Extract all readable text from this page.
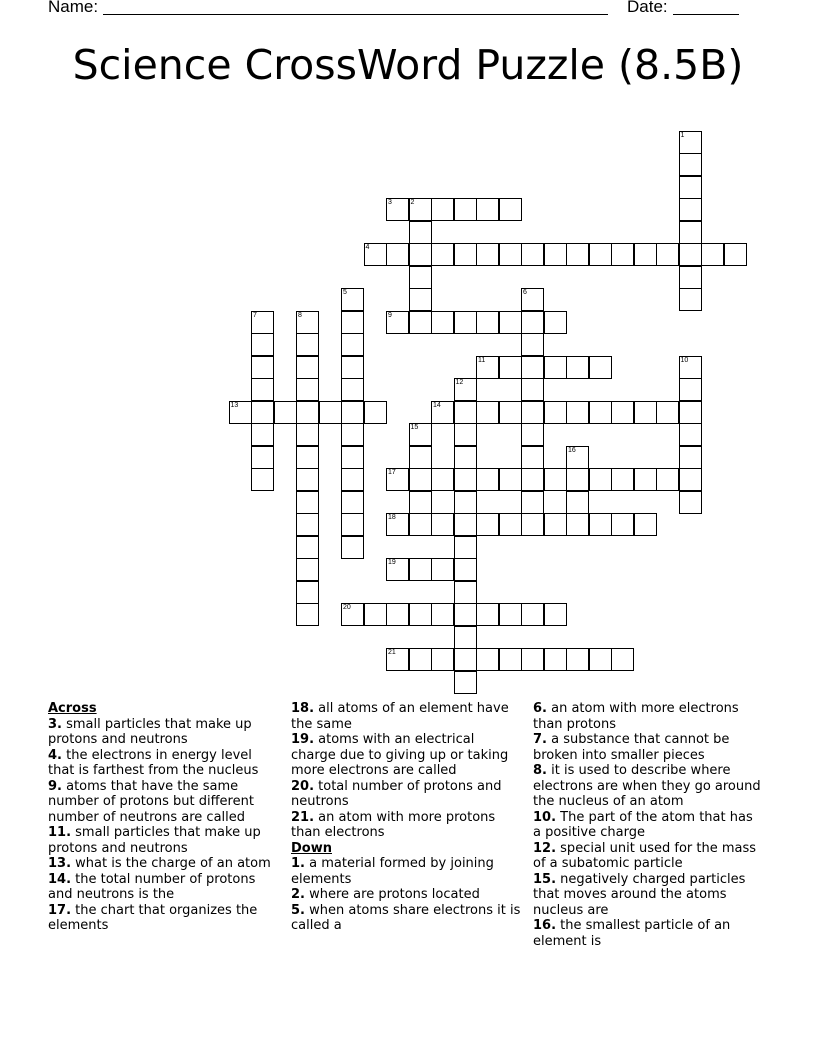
Name:	Date:
Science CrossWord Puzzle (8.5B)
3	2
4
9
11
13	14
17
18
19
20
21
1
5	6
7	8
10
12
15
16
Across
3. small particles that make up protons and neutrons
4. the electrons in energy level that is farthest from the nucleus
9. atoms that have the same number of protons but different number of neutrons are called
11. small particles that make up protons and neutrons
13. what is the charge of an atom
14. the total number of protons and neutrons is the
17. the chart that organizes the elements
18. all atoms of an element have the same
19. atoms with an electrical charge due to giving up or taking more electrons are called
20. total number of protons and neutrons
21. an atom with more protons than electrons
Down
1. a material formed by joining elements
2. where are protons located
5. when atoms share electrons it is called a
6. an atom with more electrons than protons
7. a substance that cannot be broken into smaller pieces
8. it is used to describe where electrons are when they go around the nucleus of an atom
10. The part of the atom that has a positive charge
12. special unit used for the mass of a subatomic particle
15. negatively charged particles that moves around the atoms nucleus are
16. the smallest particle of an element is
